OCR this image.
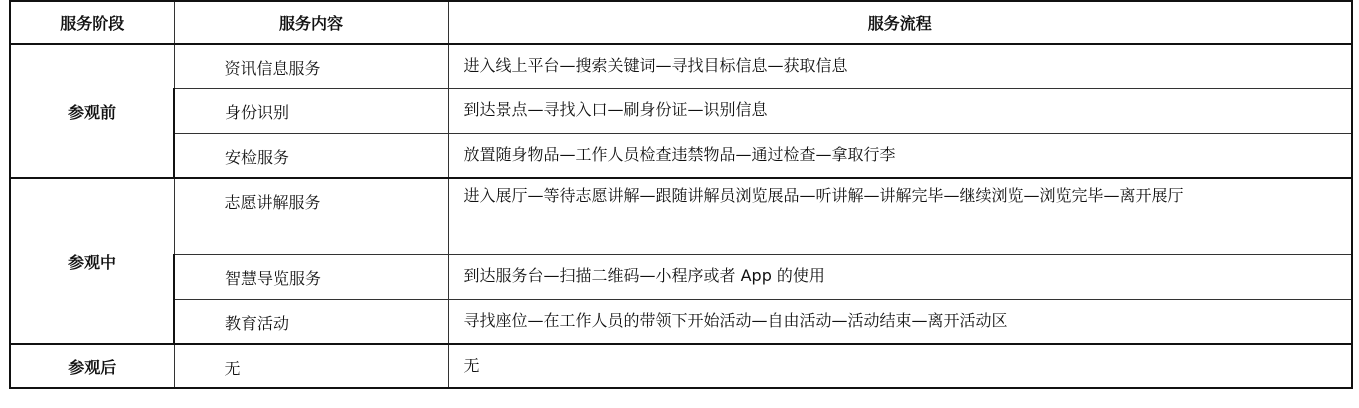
服务阶段	服务内容	服务流程
参观前	资讯信息服务	进入线上平台—搜索关键词—寻找目标信息—获取信息
	身份识别	到达景点—寻找入口—刷身份证—识别信息
	安检服务	放置随身物品—工作人员检查违禁物品—通过检查—拿取行李
参观中	志愿讲解服务	进入展厅—等待志愿讲解—跟随讲解员浏览展品—听讲解—讲解完毕—继续浏览—浏览完毕—离开展厅
	智慧导览服务	到达服务台—扫描二维码—小程序或者 App 的使用
	教育活动	寻找座位—在工作人员的带领下开始活动—自由活动—活动结束—离开活动区
参观后	无	无
